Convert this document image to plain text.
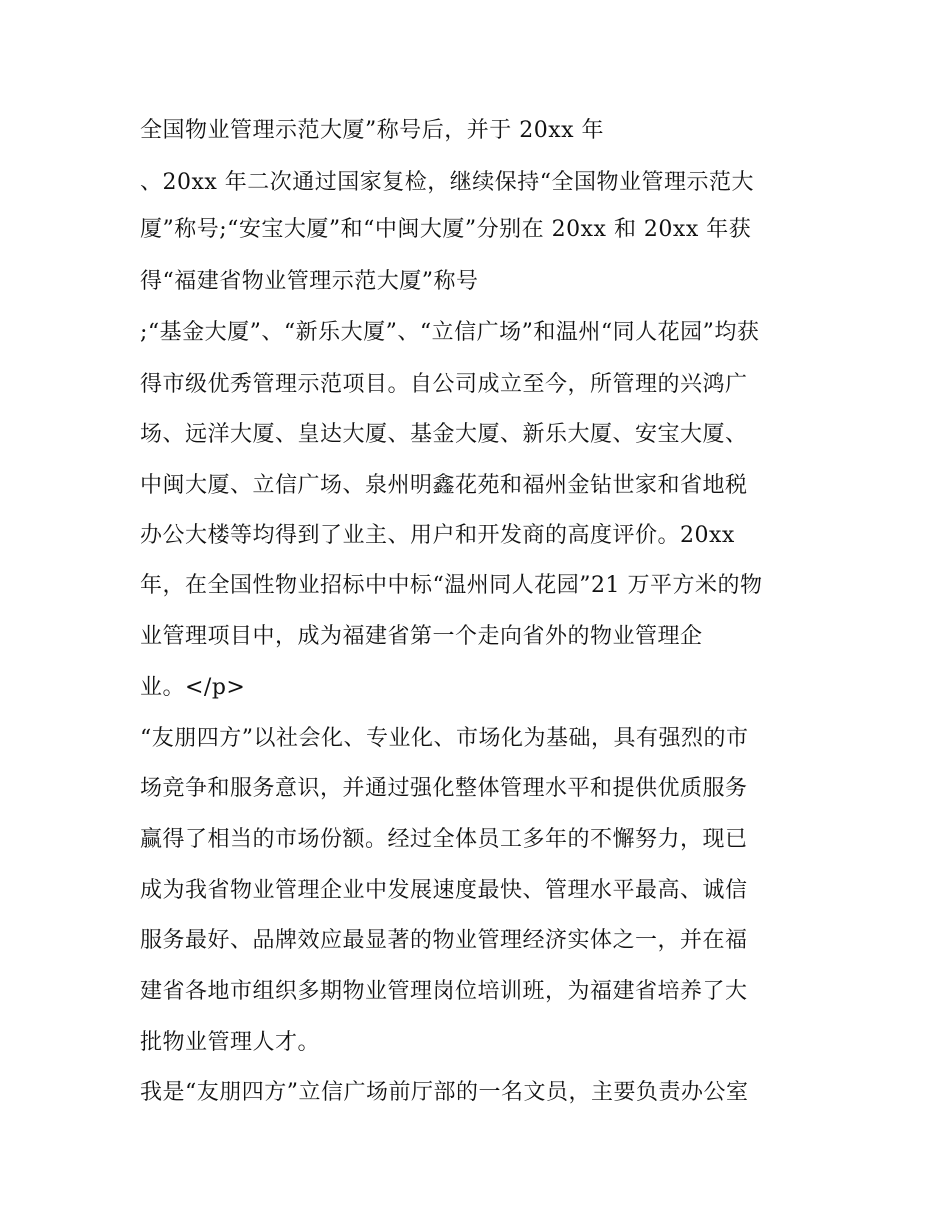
全国物业管理示范大厦”称号后，并于 20xx 年

、20xx 年二次通过国家复检，继续保持“全国物业管理示范大

厦”称号;“安宝大厦”和“中闽大厦”分别在 20xx 和 20xx 年获

得“福建省物业管理示范大厦”称号

;“基金大厦”、“新乐大厦”、“立信广场”和温州“同人花园”均获

得市级优秀管理示范项目。自公司成立至今，所管理的兴鸿广

场、远洋大厦、皇达大厦、基金大厦、新乐大厦、安宝大厦、

中闽大厦、立信广场、泉州明鑫花苑和福州金钻世家和省地税

办公大楼等均得到了业主、用户和开发商的高度评价。20xx

年，在全国性物业招标中中标“温州同人花园”21 万平方米的物

业管理项目中，成为福建省第一个走向省外的物业管理企

业。</p>

“友朋四方”以社会化、专业化、市场化为基础，具有强烈的市

场竞争和服务意识，并通过强化整体管理水平和提供优质服务

赢得了相当的市场份额。经过全体员工多年的不懈努力，现已

成为我省物业管理企业中发展速度最快、管理水平最高、诚信

服务最好、品牌效应最显著的物业管理经济实体之一，并在福

建省各地市组织多期物业管理岗位培训班，为福建省培养了大

批物业管理人才。

我是“友朋四方”立信广场前厅部的一名文员，主要负责办公室
